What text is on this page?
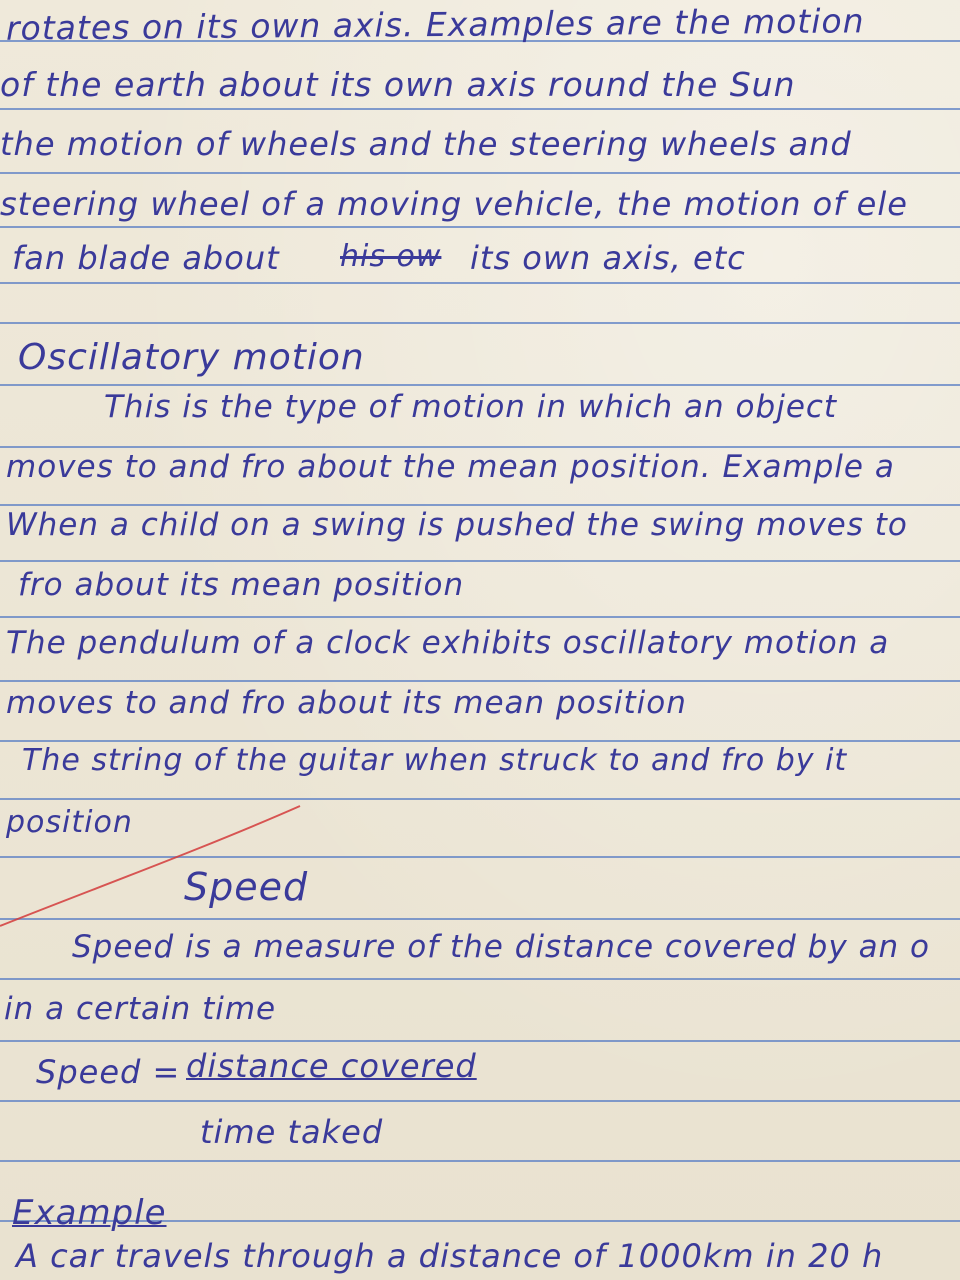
rotates on its own axis. Examples are the motion
of the earth about its own axis round the Sun
the motion of wheels and the steering wheels and
steering wheel of a moving vehicle, the motion of ele
fan blade about his ow its own axis, etc
Oscillatory motion
This is the type of motion in which an object
moves to and fro about the mean position. Example a
When a child on a swing is pushed the swing moves to
fro about its mean position
The pendulum of a clock exhibits oscillatory motion a
moves to and fro about its mean position
The string of the guitar when struck to and fro by it
position
Speed
Speed is a measure of the distance covered by an o
in a certain time
Speed = distance covered
time taked
Example
A car travels through a distance of 1000km in 20 h
